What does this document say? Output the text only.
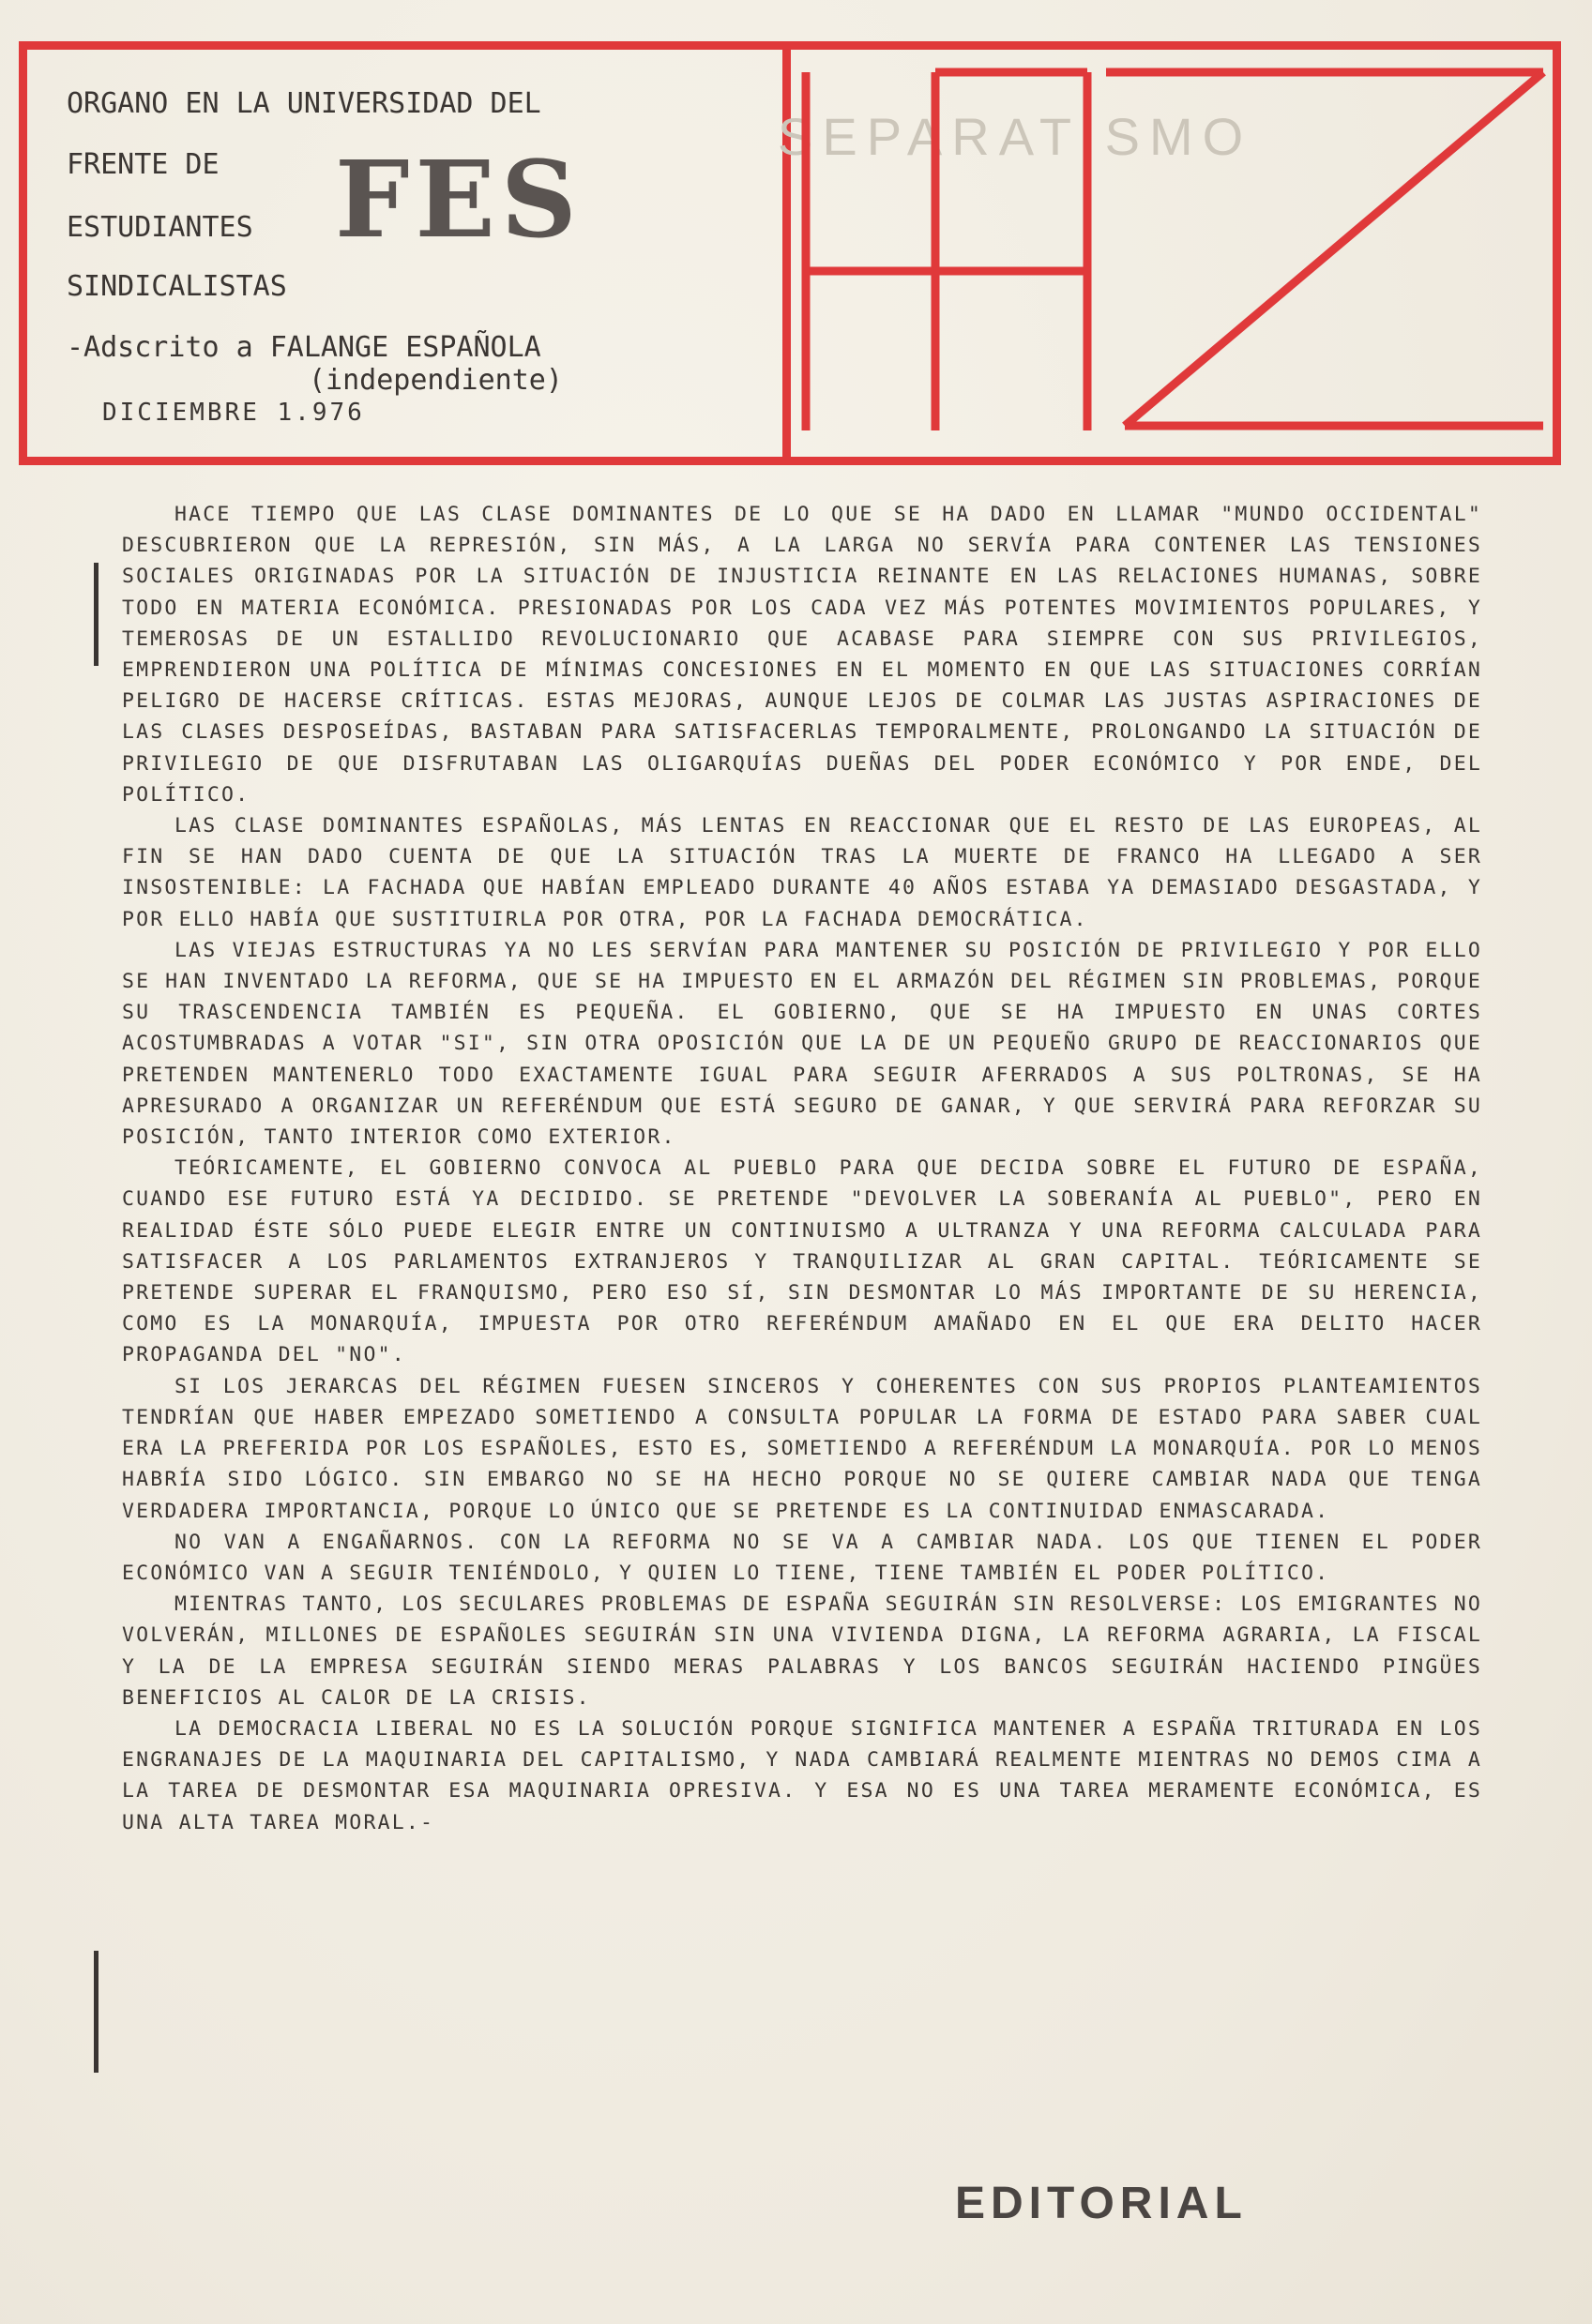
ORGANO EN LA UNIVERSIDAD DEL
FRENTE DE
ESTUDIANTES
SINDICALISTAS
-Adscrito a FALANGE ESPAÑOLA
(independiente)
DICIEMBRE 1.976
FES
SEPARATISMO

HACE TIEMPO QUE LAS CLASE DOMINANTES DE LO QUE SE HA DADO EN LLAMAR "MUNDO OCCIDENTAL" DESCUBRIERON QUE LA REPRESIÓN, SIN MÁS, A LA LARGA NO SERVÍA PARA CONTENER LAS TENSIONES SOCIALES ORIGINADAS POR LA SITUACIÓN DE INJUSTICIA REINANTE EN LAS RELACIONES HUMANAS, SOBRE TODO EN MATERIA ECONÓMICA. PRESIONADAS POR LOS CADA VEZ MÁS POTENTES MOVIMIENTOS POPULARES, Y TEMEROSAS DE UN ESTALLIDO REVOLUCIONARIO QUE ACABASE PARA SIEMPRE CON SUS PRIVILEGIOS, EMPRENDIERON UNA POLÍTICA DE MÍNIMAS CONCESIONES EN EL MOMENTO EN QUE LAS SITUACIONES CORRÍAN PELIGRO DE HACERSE CRÍTICAS. ESTAS MEJORAS, AUNQUE LEJOS DE COLMAR LAS JUSTAS ASPIRACIONES DE LAS CLASES DESPOSEÍDAS, BASTABAN PARA SATISFACERLAS TEMPORALMENTE, PROLONGANDO LA SITUACIÓN DE PRIVILEGIO DE QUE DISFRUTABAN LAS OLIGARQUÍAS DUEÑAS DEL PODER ECONÓMICO Y POR ENDE, DEL POLÍTICO.

LAS CLASE DOMINANTES ESPAÑOLAS, MÁS LENTAS EN REACCIONAR QUE EL RESTO DE LAS EUROPEAS, AL FIN SE HAN DADO CUENTA DE QUE LA SITUACIÓN TRAS LA MUERTE DE FRANCO HA LLEGADO A SER INSOSTENIBLE: LA FACHADA QUE HABÍAN EMPLEADO DURANTE 40 AÑOS ESTABA YA DEMASIADO DESGASTADA, Y POR ELLO HABÍA QUE SUSTITUIRLA POR OTRA, POR LA FACHADA DEMOCRÁTICA.

LAS VIEJAS ESTRUCTURAS YA NO LES SERVÍAN PARA MANTENER SU POSICIÓN DE PRIVILEGIO Y POR ELLO SE HAN INVENTADO LA REFORMA, QUE SE HA IMPUESTO EN EL ARMAZÓN DEL RÉGIMEN SIN PROBLEMAS, PORQUE SU TRASCENDENCIA TAMBIÉN ES PEQUEÑA. EL GOBIERNO, QUE SE HA IMPUESTO EN UNAS CORTES ACOSTUMBRADAS A VOTAR "SI", SIN OTRA OPOSICIÓN QUE LA DE UN PEQUEÑO GRUPO DE REACCIONARIOS QUE PRETENDEN MANTENERLO TODO EXACTAMENTE IGUAL PARA SEGUIR AFERRADOS A SUS POLTRONAS, SE HA APRESURADO A ORGANIZAR UN REFERÉNDUM QUE ESTÁ SEGURO DE GANAR, Y QUE SERVIRÁ PARA REFORZAR SU POSICIÓN, TANTO INTERIOR COMO EXTERIOR.

TEÓRICAMENTE, EL GOBIERNO CONVOCA AL PUEBLO PARA QUE DECIDA SOBRE EL FUTURO DE ESPAÑA, CUANDO ESE FUTURO ESTÁ YA DECIDIDO. SE PRETENDE "DEVOLVER LA SOBERANÍA AL PUEBLO", PERO EN REALIDAD ÉSTE SÓLO PUEDE ELEGIR ENTRE UN CONTINUISMO A ULTRANZA Y UNA REFORMA CALCULADA PARA SATISFACER A LOS PARLAMENTOS EXTRANJEROS Y TRANQUILIZAR AL GRAN CAPITAL. TEÓRICAMENTE SE PRETENDE SUPERAR EL FRANQUISMO, PERO ESO SÍ, SIN DESMONTAR LO MÁS IMPORTANTE DE SU HERENCIA, COMO ES LA MONARQUÍA, IMPUESTA POR OTRO REFERÉNDUM AMAÑADO EN EL QUE ERA DELITO HACER PROPAGANDA DEL "NO".

SI LOS JERARCAS DEL RÉGIMEN FUESEN SINCEROS Y COHERENTES CON SUS PROPIOS PLANTEAMIENTOS TENDRÍAN QUE HABER EMPEZADO SOMETIENDO A CONSULTA POPULAR LA FORMA DE ESTADO PARA SABER CUAL ERA LA PREFERIDA POR LOS ESPAÑOLES, ESTO ES, SOMETIENDO A REFERÉNDUM LA MONARQUÍA. POR LO MENOS HABRÍA SIDO LÓGICO. SIN EMBARGO NO SE HA HECHO PORQUE NO SE QUIERE CAMBIAR NADA QUE TENGA VERDADERA IMPORTANCIA, PORQUE LO ÚNICO QUE SE PRETENDE ES LA CONTINUIDAD ENMASCARADA.

NO VAN A ENGAÑARNOS. CON LA REFORMA NO SE VA A CAMBIAR NADA. LOS QUE TIENEN EL PODER ECONÓMICO VAN A SEGUIR TENIÉNDOLO, Y QUIEN LO TIENE, TIENE TAMBIÉN EL PODER POLÍTICO.

MIENTRAS TANTO, LOS SECULARES PROBLEMAS DE ESPAÑA SEGUIRÁN SIN RESOLVERSE: LOS EMIGRANTES NO VOLVERÁN, MILLONES DE ESPAÑOLES SEGUIRÁN SIN UNA VIVIENDA DIGNA, LA REFORMA AGRARIA, LA FISCAL Y LA DE LA EMPRESA SEGUIRÁN SIENDO MERAS PALABRAS Y LOS BANCOS SEGUIRÁN HACIENDO PINGÜES BENEFICIOS AL CALOR DE LA CRISIS.

LA DEMOCRACIA LIBERAL NO ES LA SOLUCIÓN PORQUE SIGNIFICA MANTENER A ESPAÑA TRITURADA EN LOS ENGRANAJES DE LA MAQUINARIA DEL CAPITALISMO, Y NADA CAMBIARÁ REALMENTE MIENTRAS NO DEMOS CIMA A LA TAREA DE DESMONTAR ESA MAQUINARIA OPRESIVA. Y ESA NO ES UNA TAREA MERAMENTE ECONÓMICA, ES UNA ALTA TAREA MORAL.-

EDITORIAL
